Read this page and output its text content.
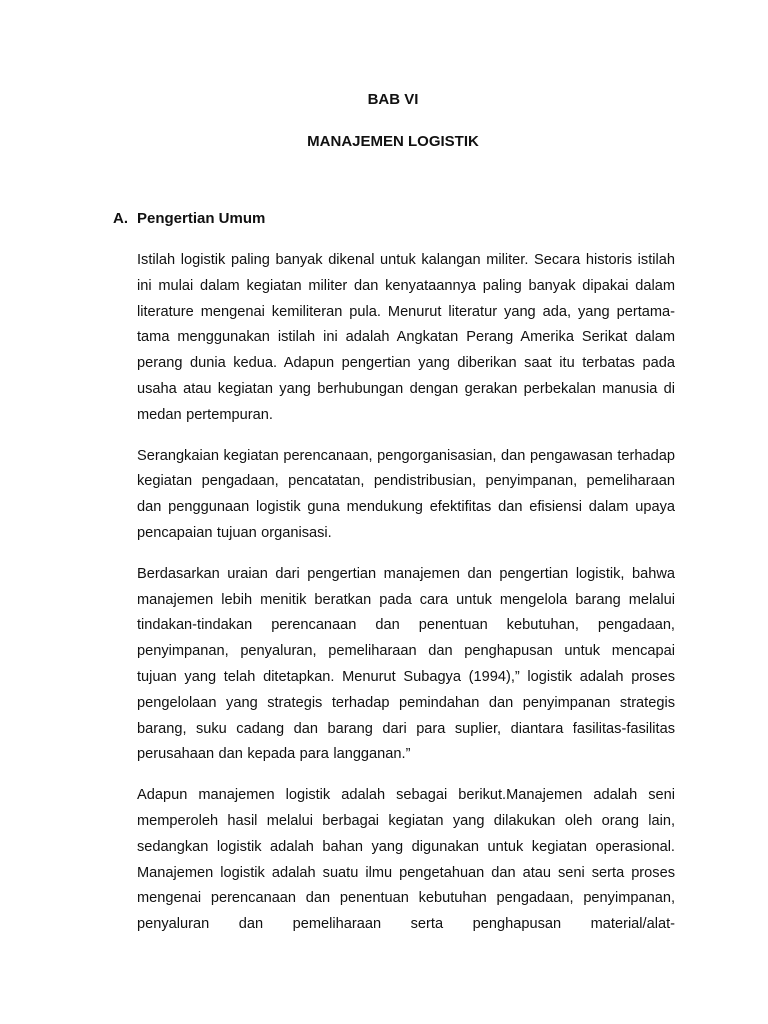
BAB VI
MANAJEMEN LOGISTIK
A. Pengertian Umum

Istilah logistik paling banyak dikenal untuk kalangan militer. Secara historis istilah ini mulai dalam kegiatan militer dan kenyataannya paling banyak dipakai dalam literature mengenai kemiliteran pula. Menurut literatur yang ada, yang pertama-tama menggunakan istilah ini adalah Angkatan Perang Amerika Serikat dalam perang dunia kedua. Adapun pengertian yang diberikan saat itu terbatas pada usaha atau kegiatan yang berhubungan dengan gerakan perbekalan manusia di medan pertempuran.

Serangkaian kegiatan perencanaan, pengorganisasian, dan pengawasan terhadap kegiatan pengadaan, pencatatan, pendistribusian, penyimpanan, pemeliharaan dan penggunaan logistik guna mendukung efektifitas dan efisiensi dalam upaya pencapaian tujuan organisasi.

Berdasarkan uraian dari pengertian manajemen dan pengertian logistik, bahwa manajemen lebih menitik beratkan pada cara untuk mengelola barang melalui tindakan-tindakan perencanaan dan penentuan kebutuhan, pengadaan, penyimpanan, penyaluran, pemeliharaan dan penghapusan untuk mencapai tujuan yang telah ditetapkan. Menurut Subagya (1994),” logistik adalah proses pengelolaan yang strategis terhadap pemindahan dan penyimpanan strategis barang, suku cadang dan barang dari para suplier, diantara fasilitas-fasilitas perusahaan dan kepada para langganan.”

Adapun manajemen logistik adalah sebagai berikut.Manajemen adalah seni memperoleh hasil melalui berbagai kegiatan yang dilakukan oleh orang lain, sedangkan logistik adalah bahan yang digunakan untuk kegiatan operasional. Manajemen logistik adalah suatu ilmu pengetahuan dan atau seni serta proses mengenai perencanaan dan penentuan kebutuhan pengadaan, penyimpanan, penyaluran dan pemeliharaan serta penghapusan material/alat-
